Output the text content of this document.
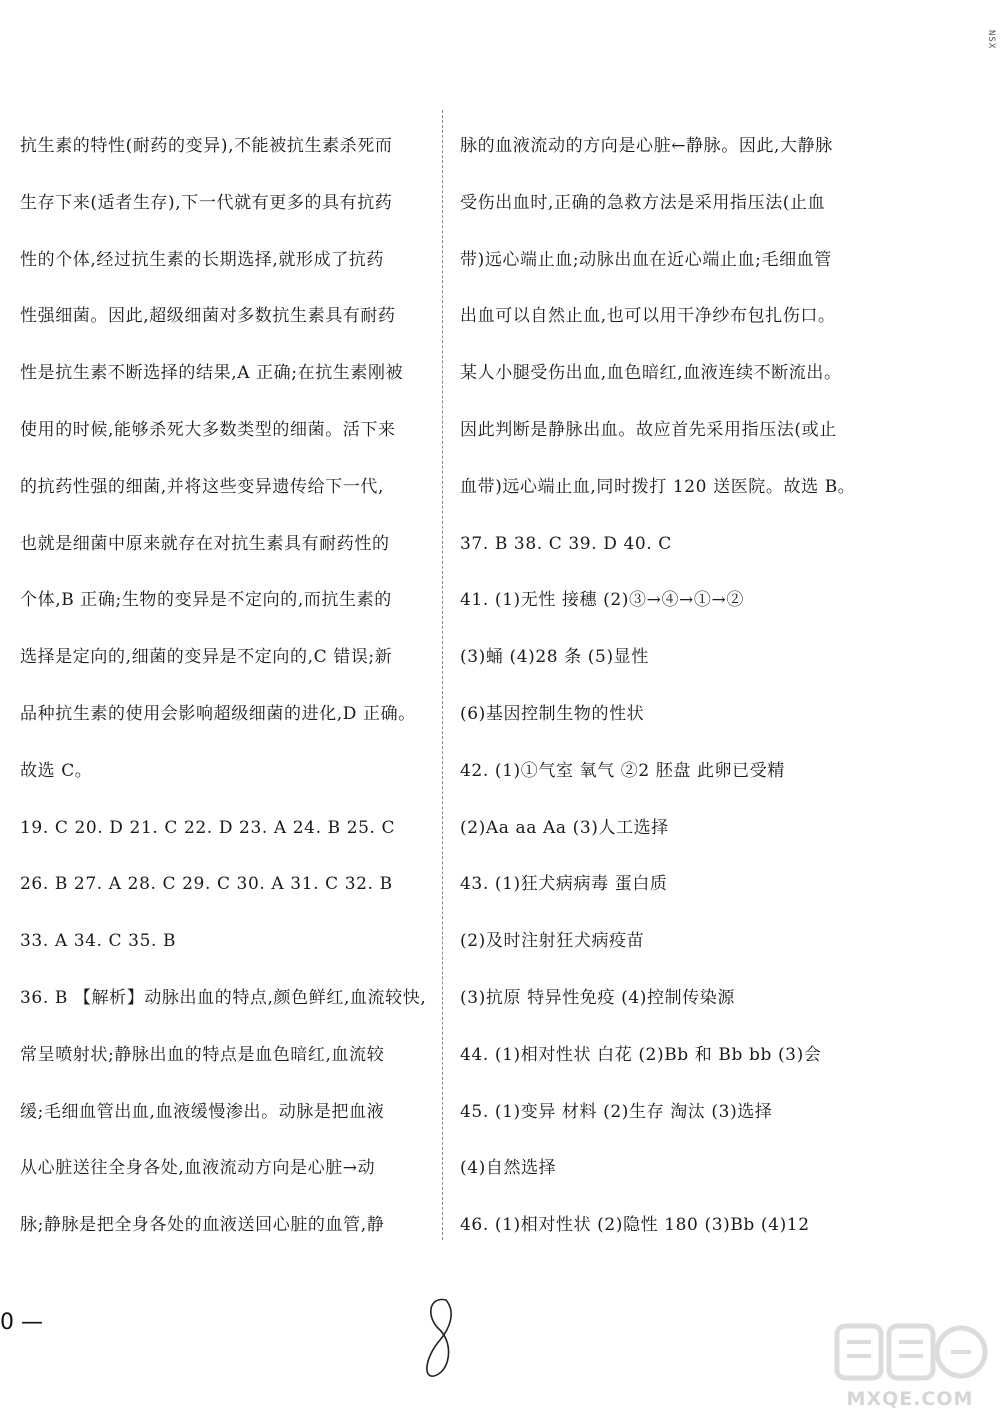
NSX
抗生素的特性(耐药的变异),不能被抗生素杀死而
生存下来(适者生存),下一代就有更多的具有抗药
性的个体,经过抗生素的长期选择,就形成了抗药
性强细菌。因此,超级细菌对多数抗生素具有耐药
性是抗生素不断选择的结果,A 正确;在抗生素刚被
使用的时候,能够杀死大多数类型的细菌。活下来
的抗药性强的细菌,并将这些变异遗传给下一代,
也就是细菌中原来就存在对抗生素具有耐药性的
个体,B 正确;生物的变异是不定向的,而抗生素的
选择是定向的,细菌的变异是不定向的,C 错误;新
品种抗生素的使用会影响超级细菌的进化,D 正确。
故选 C。
19. C 20. D 21. C 22. D 23. A 24. B 25. C
26. B 27. A 28. C 29. C 30. A 31. C 32. B
33. A 34. C 35. B
36. B 【解析】动脉出血的特点,颜色鲜红,血流较快,
常呈喷射状;静脉出血的特点是血色暗红,血流较
缓;毛细血管出血,血液缓慢渗出。动脉是把血液
从心脏送往全身各处,血液流动方向是心脏→动
脉;静脉是把全身各处的血液送回心脏的血管,静
脉的血液流动的方向是心脏←静脉。因此,大静脉
受伤出血时,正确的急救方法是采用指压法(止血
带)远心端止血;动脉出血在近心端止血;毛细血管
出血可以自然止血,也可以用干净纱布包扎伤口。
某人小腿受伤出血,血色暗红,血液连续不断流出。
因此判断是静脉出血。故应首先采用指压法(或止
血带)远心端止血,同时拨打 120 送医院。故选 B。
37. B 38. C 39. D 40. C
41. (1)无性 接穗 (2)③→④→①→②
(3)蛹 (4)28 条 (5)显性
(6)基因控制生物的性状
42. (1)①气室 氧气 ②2 胚盘 此卵已受精
(2)Aa aa Aa (3)人工选择
43. (1)狂犬病病毒 蛋白质
(2)及时注射狂犬病疫苗
(3)抗原 特异性免疫 (4)控制传染源
44. (1)相对性状 白花 (2)Bb 和 Bb bb (3)会
45. (1)变异 材料 (2)生存 淘汰 (3)选择
(4)自然选择
46. (1)相对性状 (2)隐性 180 (3)Bb (4)12
0 —
MXQE.COM
